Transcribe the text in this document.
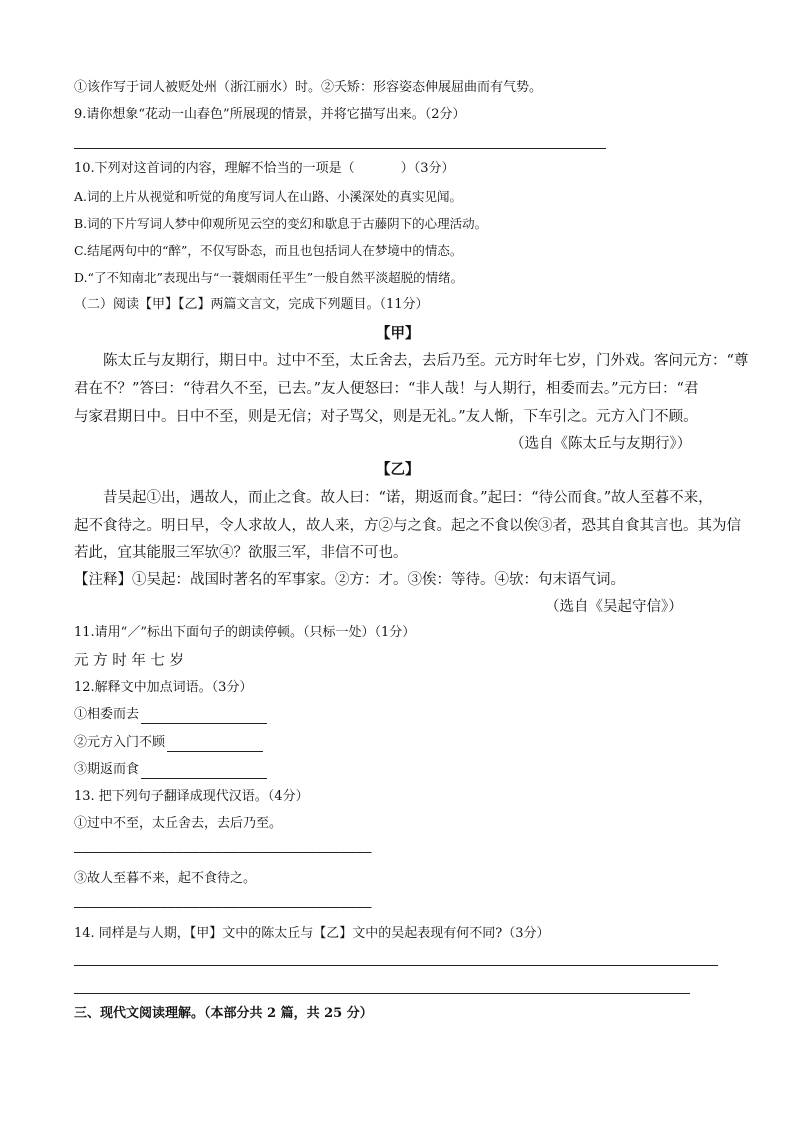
①该作写于词人被贬处州（浙江丽水）时。②夭矫：形容姿态伸展屈曲而有气势。
9.请你想象“花动一山春色”所展现的情景，并将它描写出来。（2分）
10.下列对这首词的内容，理解不恰当的一项是（	）（3分）
A.词的上片从视觉和听觉的角度写词人在山路、小溪深处的真实见闻。
B.词的下片写词人梦中仰观所见云空的变幻和歇息于古藤阴下的心理活动。
C.结尾两句中的“醉”，不仅写卧态，而且也包括词人在梦境中的情态。
D.“了不知南北”表现出与“一蓑烟雨任平生”一般自然平淡超脱的情绪。
（二）阅读【甲】【乙】两篇文言文，完成下列题目。（11分）
【甲】
陈太丘与友期行，期日中。过中不至，太丘舍去，去后乃至。元方时年七岁，门外戏。客问元方：“尊
君在不？”答曰：“待君久不至，已去。”友人便怒曰：“非人哉！与人期行，相委而去。”元方曰：“君
与家君期日中。日中不至，则是无信；对子骂父，则是无礼。”友人惭，下车引之。元方入门不顾。
（选自《陈太丘与友期行》）
【乙】
昔吴起①出，遇故人，而止之食。故人曰：“诺，期返而食。”起曰：“待公而食。”故人至暮不来，
起不食待之。明日早，令人求故人，故人来，方②与之食。起之不食以俟③者，恐其自食其言也。其为信
若此，宜其能服三军欤④？欲服三军，非信不可也。
【注释】①吴起：战国时著名的军事家。②方：才。③俟：等待。④欤：句末语气词。
（选自《吴起守信》）
11.请用“／”标出下面句子的朗读停顿。（只标一处）（1分）
元 方 时 年 七 岁
12.解释文中加点词语。（3分）
①相委而去
②元方入门不顾
③期返而食
13. 把下列句子翻译成现代汉语。（4分）
①过中不至，太丘舍去，去后乃至。
——————————————————————————————————————
③故人至暮不来，起不食待之。
——————————————————————————————————————
14. 同样是与人期，【甲】文中的陈太丘与【乙】文中的吴起表现有何不同?（3分）
三、现代文阅读理解。（本部分共 2 篇，共 25 分）
